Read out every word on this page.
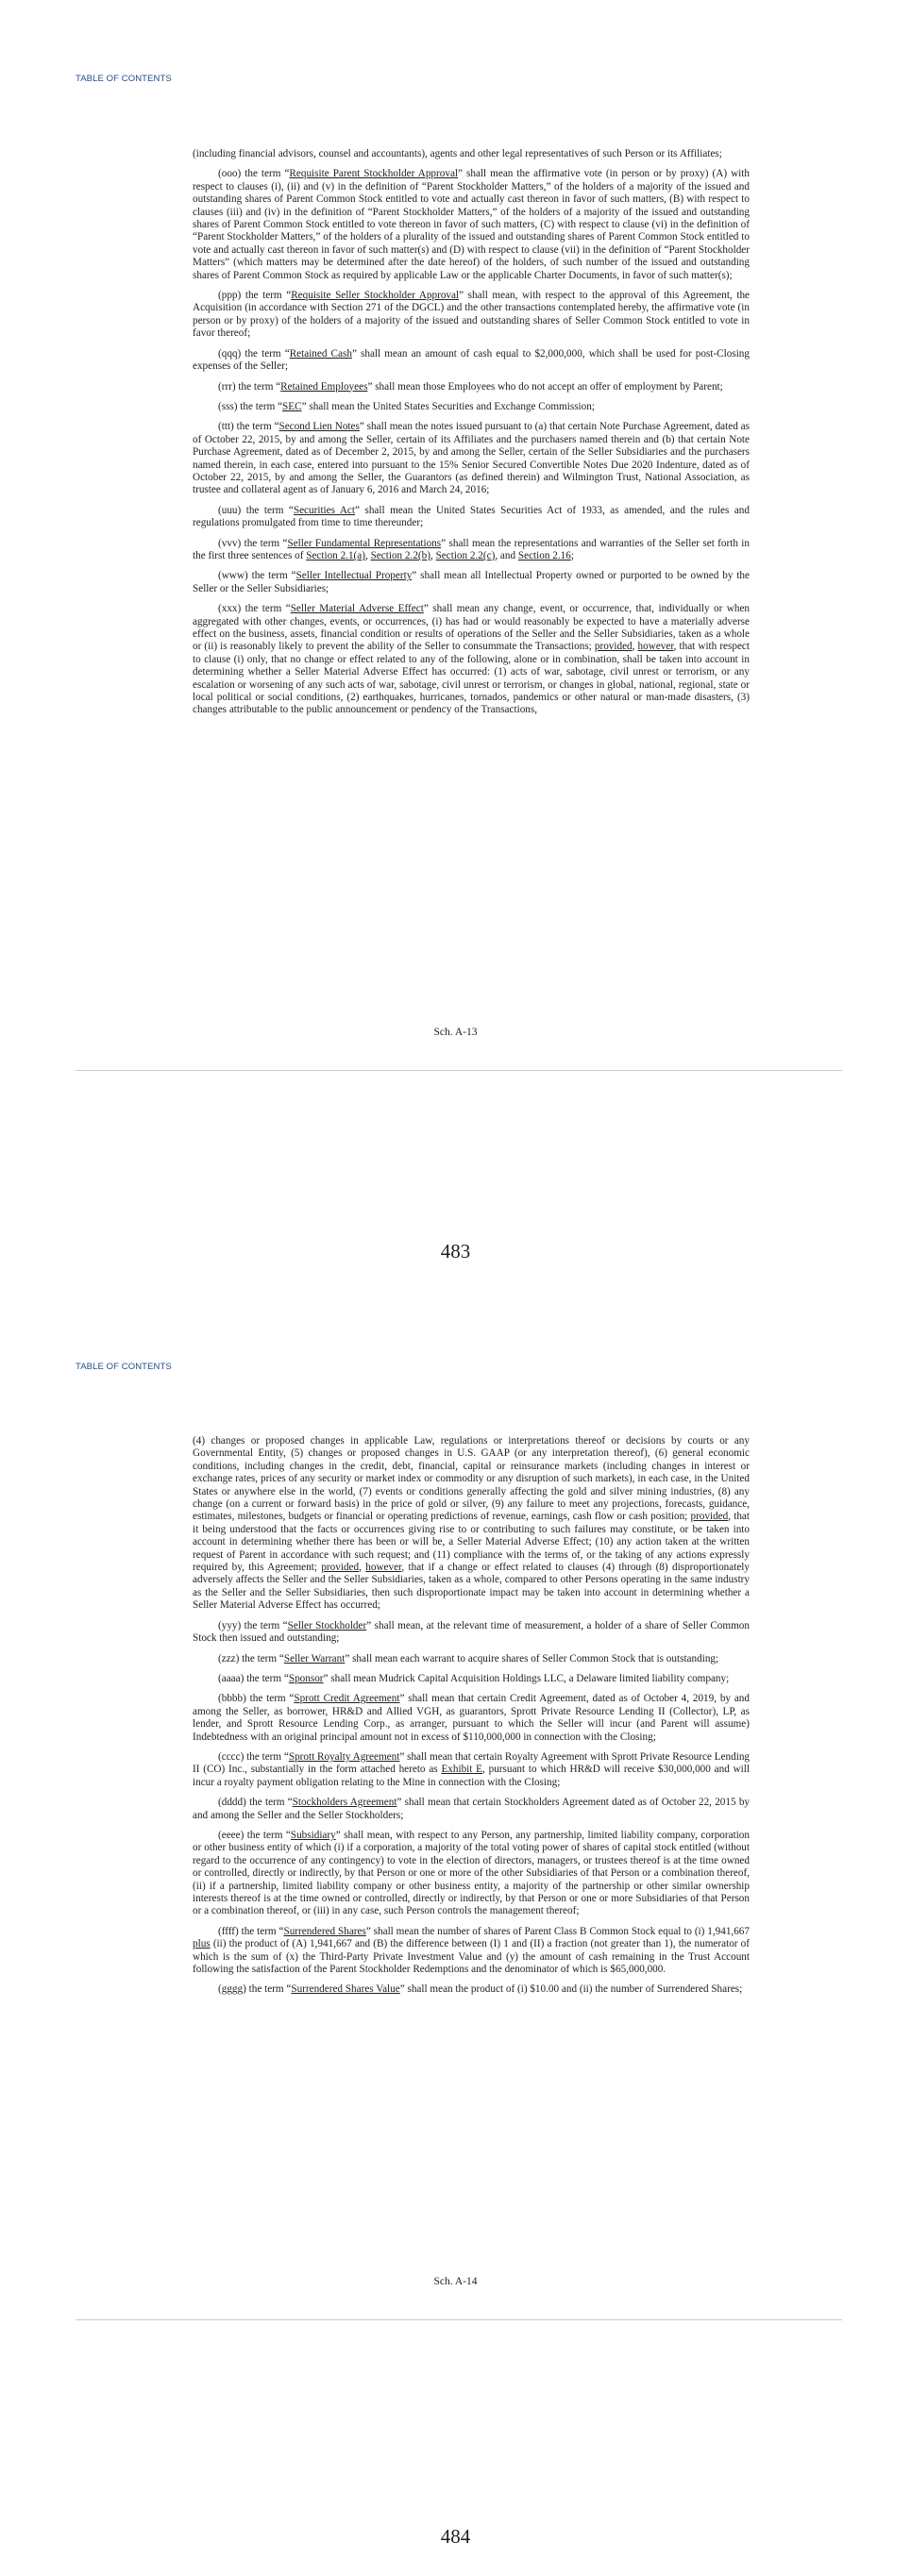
TABLE OF CONTENTS

(including financial advisors, counsel and accountants), agents and other legal representatives of such Person or its Affiliates;

(ooo) the term “Requisite Parent Stockholder Approval” shall mean the affirmative vote (in person or by proxy) (A) with respect to clauses (i), (ii) and (v) in the definition of “Parent Stockholder Matters,” of the holders of a majority of the issued and outstanding shares of Parent Common Stock entitled to vote and actually cast thereon in favor of such matters, (B) with respect to clauses (iii) and (iv) in the definition of “Parent Stockholder Matters,” of the holders of a majority of the issued and outstanding shares of Parent Common Stock entitled to vote thereon in favor of such matters, (C) with respect to clause (vi) in the definition of “Parent Stockholder Matters,” of the holders of a plurality of the issued and outstanding shares of Parent Common Stock entitled to vote and actually cast thereon in favor of such matter(s) and (D) with respect to clause (vii) in the definition of “Parent Stockholder Matters” (which matters may be determined after the date hereof) of the holders, of such number of the issued and outstanding shares of Parent Common Stock as required by applicable Law or the applicable Charter Documents, in favor of such matter(s);

(ppp) the term “Requisite Seller Stockholder Approval” shall mean, with respect to the approval of this Agreement, the Acquisition (in accordance with Section 271 of the DGCL) and the other transactions contemplated hereby, the affirmative vote (in person or by proxy) of the holders of a majority of the issued and outstanding shares of Seller Common Stock entitled to vote in favor thereof;

(qqq) the term “Retained Cash” shall mean an amount of cash equal to $2,000,000, which shall be used for post-Closing expenses of the Seller;

(rrr) the term “Retained Employees” shall mean those Employees who do not accept an offer of employment by Parent;

(sss) the term “SEC” shall mean the United States Securities and Exchange Commission;

(ttt) the term “Second Lien Notes” shall mean the notes issued pursuant to (a) that certain Note Purchase Agreement, dated as of October 22, 2015, by and among the Seller, certain of its Affiliates and the purchasers named therein and (b) that certain Note Purchase Agreement, dated as of December 2, 2015, by and among the Seller, certain of the Seller Subsidiaries and the purchasers named therein, in each case, entered into pursuant to the 15% Senior Secured Convertible Notes Due 2020 Indenture, dated as of October 22, 2015, by and among the Seller, the Guarantors (as defined therein) and Wilmington Trust, National Association, as trustee and collateral agent as of January 6, 2016 and March 24, 2016;

(uuu) the term “Securities Act” shall mean the United States Securities Act of 1933, as amended, and the rules and regulations promulgated from time to time thereunder;

(vvv) the term “Seller Fundamental Representations” shall mean the representations and warranties of the Seller set forth in the first three sentences of Section 2.1(a), Section 2.2(b), Section 2.2(c), and Section 2.16;

(www) the term “Seller Intellectual Property” shall mean all Intellectual Property owned or purported to be owned by the Seller or the Seller Subsidiaries;

(xxx) the term “Seller Material Adverse Effect” shall mean any change, event, or occurrence, that, individually or when aggregated with other changes, events, or occurrences, (i) has had or would reasonably be expected to have a materially adverse effect on the business, assets, financial condition or results of operations of the Seller and the Seller Subsidiaries, taken as a whole or (ii) is reasonably likely to prevent the ability of the Seller to consummate the Transactions; provided, however, that with respect to clause (i) only, that no change or effect related to any of the following, alone or in combination, shall be taken into account in determining whether a Seller Material Adverse Effect has occurred: (1) acts of war, sabotage, civil unrest or terrorism, or any escalation or worsening of any such acts of war, sabotage, civil unrest or terrorism, or changes in global, national, regional, state or local political or social conditions, (2) earthquakes, hurricanes, tornados, pandemics or other natural or man-made disasters, (3) changes attributable to the public announcement or pendency of the Transactions,

Sch. A-13
483
TABLE OF CONTENTS

(4) changes or proposed changes in applicable Law, regulations or interpretations thereof or decisions by courts or any Governmental Entity, (5) changes or proposed changes in U.S. GAAP (or any interpretation thereof), (6) general economic conditions, including changes in the credit, debt, financial, capital or reinsurance markets (including changes in interest or exchange rates, prices of any security or market index or commodity or any disruption of such markets), in each case, in the United States or anywhere else in the world, (7) events or conditions generally affecting the gold and silver mining industries, (8) any change (on a current or forward basis) in the price of gold or silver, (9) any failure to meet any projections, forecasts, guidance, estimates, milestones, budgets or financial or operating predictions of revenue, earnings, cash flow or cash position; provided, that it being understood that the facts or occurrences giving rise to or contributing to such failures may constitute, or be taken into account in determining whether there has been or will be, a Seller Material Adverse Effect; (10) any action taken at the written request of Parent in accordance with such request; and (11) compliance with the terms of, or the taking of any actions expressly required by, this Agreement; provided, however, that if a change or effect related to clauses (4) through (8) disproportionately adversely affects the Seller and the Seller Subsidiaries, taken as a whole, compared to other Persons operating in the same industry as the Seller and the Seller Subsidiaries, then such disproportionate impact may be taken into account in determining whether a Seller Material Adverse Effect has occurred;

(yyy) the term “Seller Stockholder” shall mean, at the relevant time of measurement, a holder of a share of Seller Common Stock then issued and outstanding;

(zzz) the term “Seller Warrant” shall mean each warrant to acquire shares of Seller Common Stock that is outstanding;

(aaaa) the term “Sponsor” shall mean Mudrick Capital Acquisition Holdings LLC, a Delaware limited liability company;

(bbbb) the term “Sprott Credit Agreement” shall mean that certain Credit Agreement, dated as of October 4, 2019, by and among the Seller, as borrower, HR&D and Allied VGH, as guarantors, Sprott Private Resource Lending II (Collector), LP, as lender, and Sprott Resource Lending Corp., as arranger, pursuant to which the Seller will incur (and Parent will assume) Indebtedness with an original principal amount not in excess of $110,000,000 in connection with the Closing;

(cccc) the term “Sprott Royalty Agreement” shall mean that certain Royalty Agreement with Sprott Private Resource Lending II (CO) Inc., substantially in the form attached hereto as Exhibit E, pursuant to which HR&D will receive $30,000,000 and will incur a royalty payment obligation relating to the Mine in connection with the Closing;

(dddd) the term “Stockholders Agreement” shall mean that certain Stockholders Agreement dated as of October 22, 2015 by and among the Seller and the Seller Stockholders;

(eeee) the term “Subsidiary” shall mean, with respect to any Person, any partnership, limited liability company, corporation or other business entity of which (i) if a corporation, a majority of the total voting power of shares of capital stock entitled (without regard to the occurrence of any contingency) to vote in the election of directors, managers, or trustees thereof is at the time owned or controlled, directly or indirectly, by that Person or one or more of the other Subsidiaries of that Person or a combination thereof, (ii) if a partnership, limited liability company or other business entity, a majority of the partnership or other similar ownership interests thereof is at the time owned or controlled, directly or indirectly, by that Person or one or more Subsidiaries of that Person or a combination thereof, or (iii) in any case, such Person controls the management thereof;

(ffff) the term “Surrendered Shares” shall mean the number of shares of Parent Class B Common Stock equal to (i) 1,941,667 plus (ii) the product of (A) 1,941,667 and (B) the difference between (I) 1 and (II) a fraction (not greater than 1), the numerator of which is the sum of (x) the Third-Party Private Investment Value and (y) the amount of cash remaining in the Trust Account following the satisfaction of the Parent Stockholder Redemptions and the denominator of which is $65,000,000.

(gggg) the term “Surrendered Shares Value” shall mean the product of (i) $10.00 and (ii) the number of Surrendered Shares;

Sch. A-14
484
